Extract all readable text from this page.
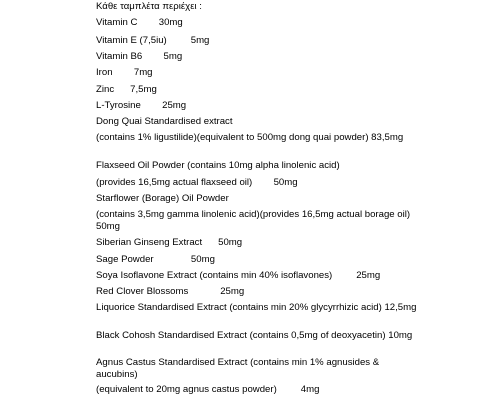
Κάθε ταμπλέτα περιέχει :
Vitamin C        30mg
Vitamin E (7,5iu)         5mg
Vitamin B6        5mg
Iron        7mg
Zinc      7,5mg
L-Tyrosine        25mg
Dong Quai Standardised extract
(contains 1% ligustilide)(equivalent to 500mg dong quai powder) 83,5mg
Flaxseed Oil Powder (contains 10mg alpha linolenic acid)
(provides 16,5mg actual flaxseed oil)        50mg
Starflower (Borage) Oil Powder
(contains 3,5mg gamma linolenic acid)(provides 16,5mg actual borage oil)        50mg
Siberian Ginseng Extract      50mg
Sage Powder              50mg
Soya Isoflavone Extract (contains min 40% isoflavones)         25mg
Red Clover Blossoms            25mg
Liquorice Standardised Extract (contains min 20% glycyrrhizic acid) 12,5mg
Black Cohosh Standardised Extract (contains 0,5mg of deoxyacetin) 10mg
Agnus Castus Standardised Extract (contains min 1% agnusides & aucubins)
(equivalent to 20mg agnus castus powder)         4mg
